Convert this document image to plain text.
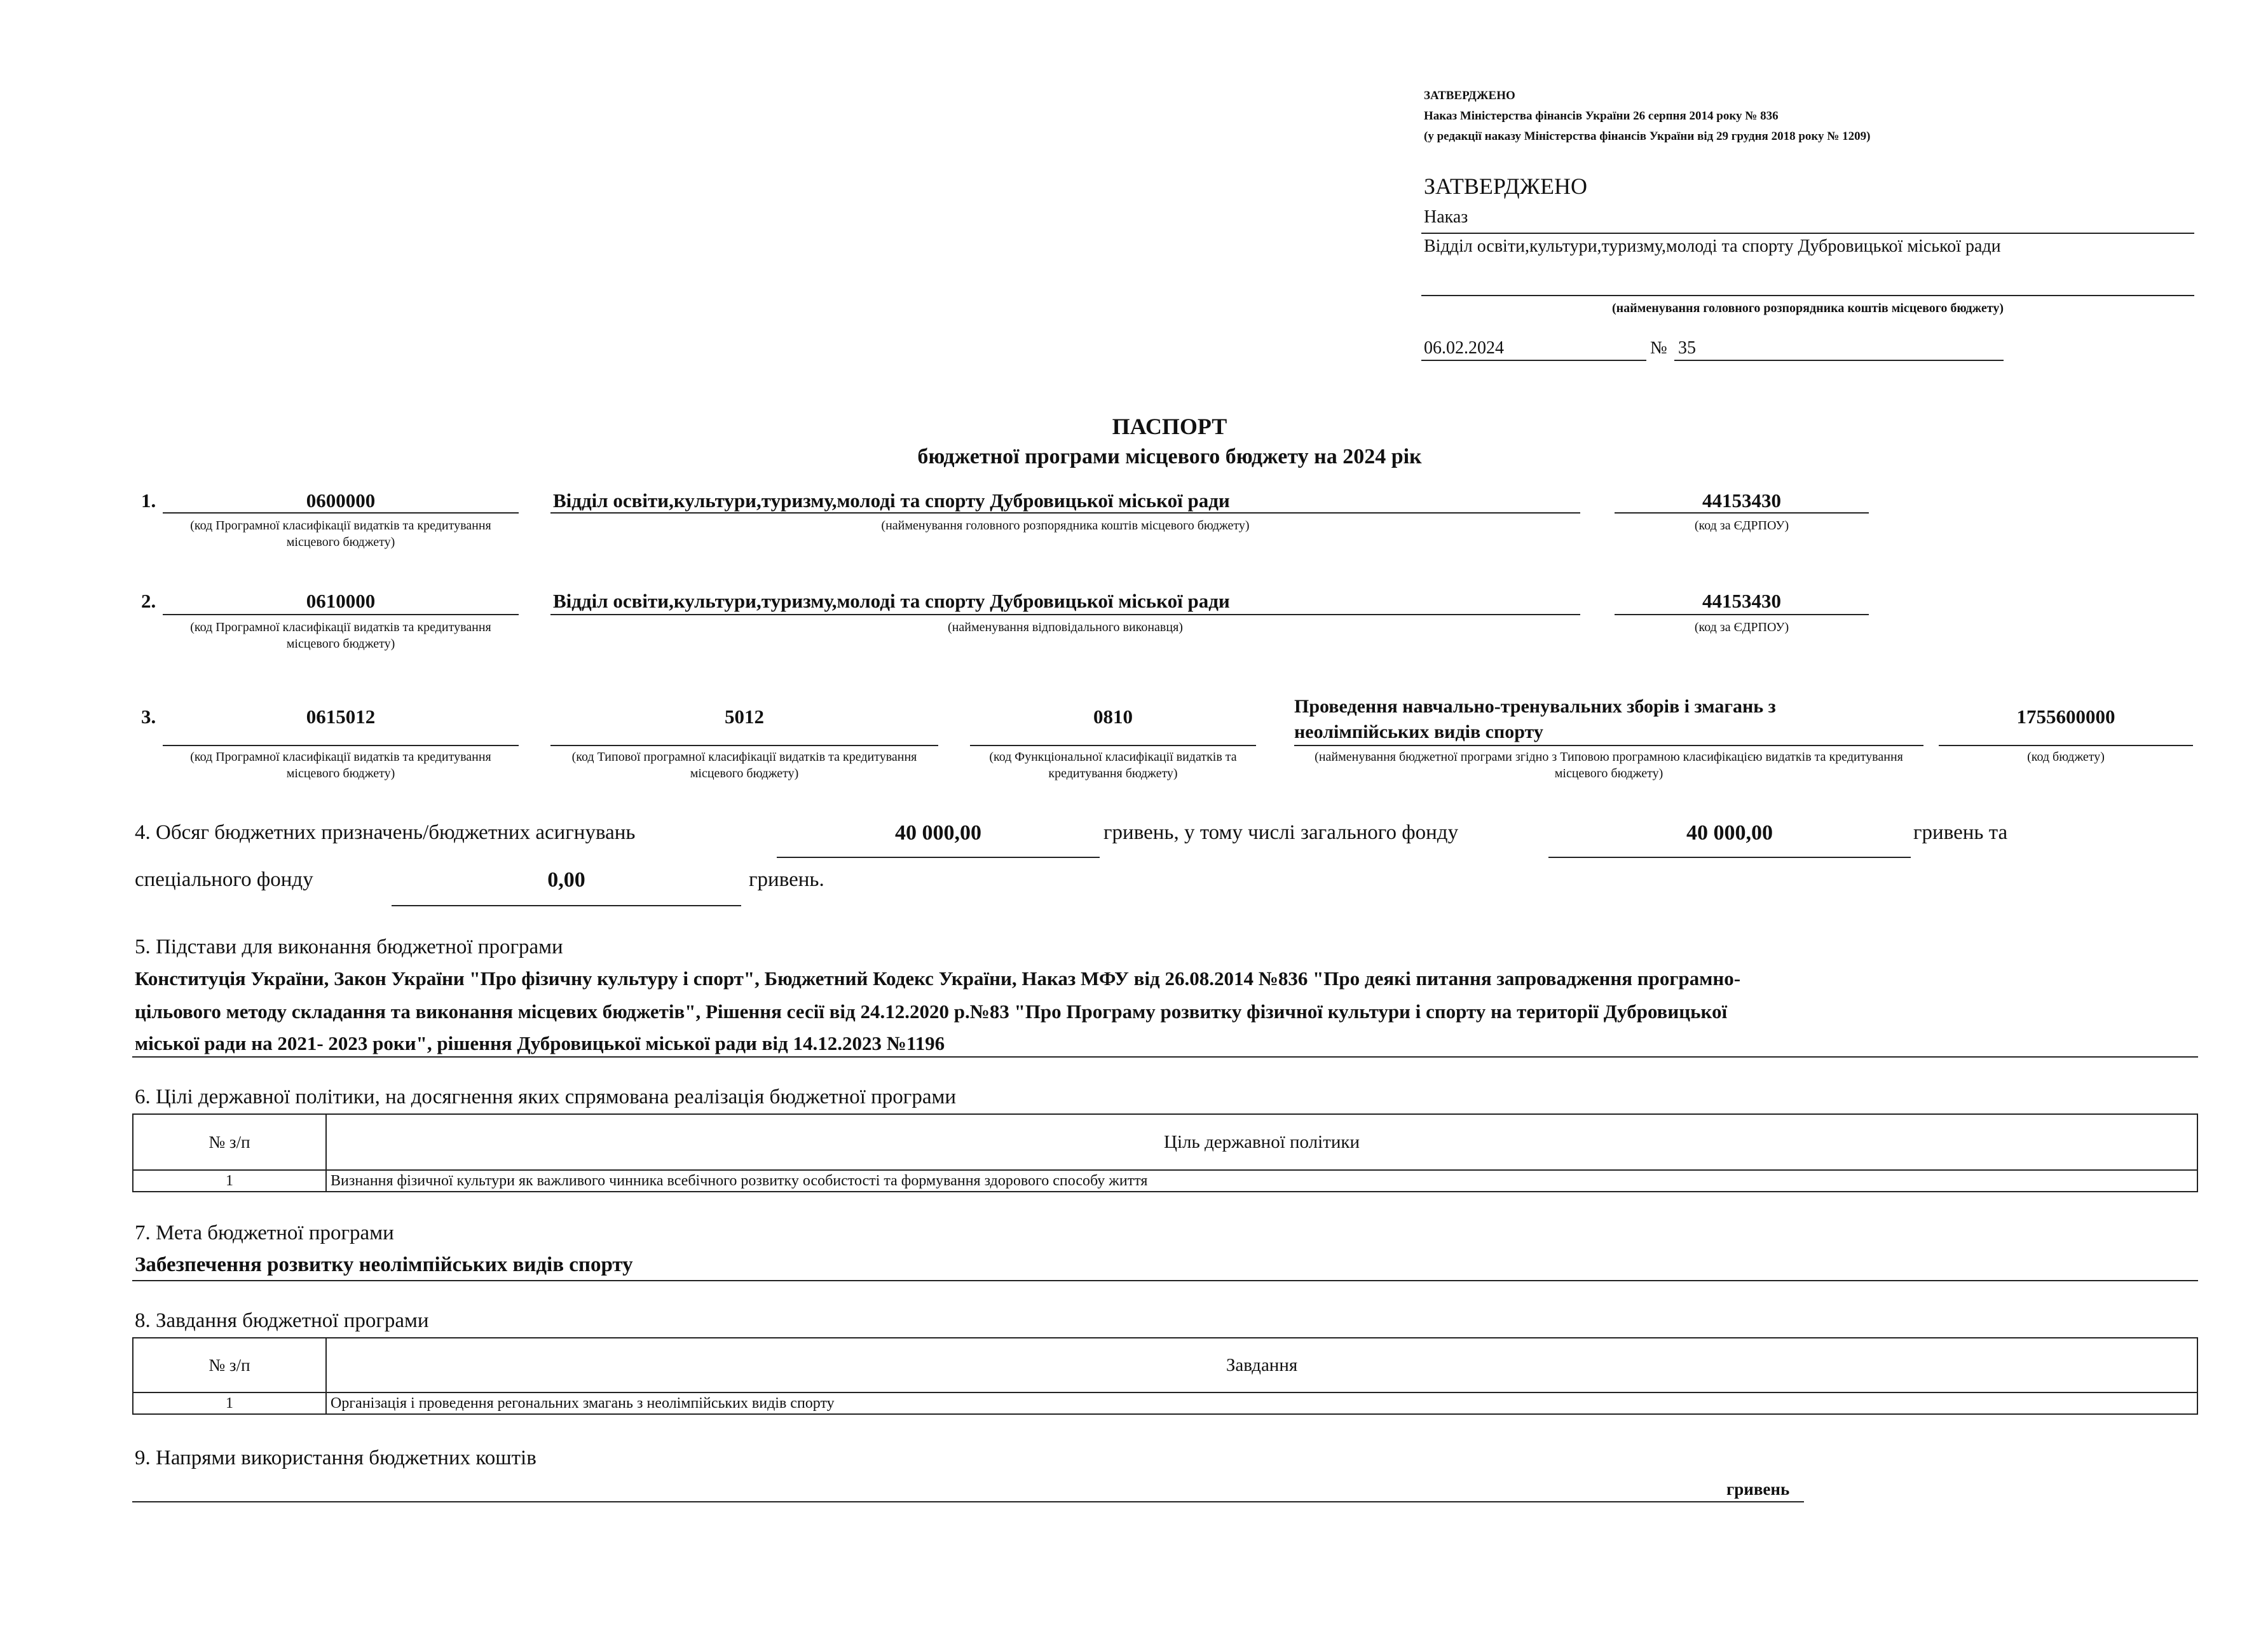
ЗАТВЕРДЖЕНО
Наказ Міністерства фінансів України 26 серпня 2014 року № 836
(у редакції наказу Міністерства фінансів України від 29 грудня 2018 року № 1209)
ЗАТВЕРДЖЕНО
Наказ
Відділ освіти,культури,туризму,молоді та спорту Дубровицької міської ради
(найменування головного розпорядника коштів місцевого бюджету)
06.02.2024	№ 35
ПАСПОРТ
бюджетної програми місцевого бюджету на 2024 рік
1.	0600000
(код Програмної класифікації видатків та кредитування місцевого бюджету)
Відділ освіти,культури,туризму,молоді та спорту Дубровицької міської ради
(найменування головного розпорядника коштів місцевого бюджету)
44153430
(код за ЄДРПОУ)
2.	0610000
(код Програмної класифікації видатків та кредитування місцевого бюджету)
Відділ освіти,культури,туризму,молоді та спорту Дубровицької міської ради
(найменування відповідального виконавця)
44153430
(код за ЄДРПОУ)
3.	0615012
(код Програмної класифікації видатків та кредитування місцевого бюджету)
5012
(код Типової програмної класифікації видатків та кредитування місцевого бюджету)
0810
(код Функціональної класифікації видатків та кредитування бюджету)
Проведення навчально-тренувальних зборів і змагань з неолімпійських видів спорту
(найменування бюджетної програми згідно з Типовою програмною класифікацією видатків та кредитування місцевого бюджету)
1755600000
(код бюджету)
4. Обсяг бюджетних призначень/бюджетних асигнувань	40 000,00	гривень, у тому числі загального фонду	40 000,00	гривень та
спеціального фонду	0,00	гривень.
5. Підстави для виконання бюджетної програми
Конституція України, Закон України "Про фізичну культуру і спорт", Бюджетний Кодекс України, Наказ МФУ від 26.08.2014 №836 "Про деякі питання запровадження програмно-
цільового методу складання та виконання місцевих бюджетів", Рішення сесії від 24.12.2020 р.№83 "Про Програму розвитку фізичної культури і спорту на території Дубровицької
міської ради на 2021- 2023 роки", рішення Дубровицької міської ради від 14.12.2023 №1196
6. Цілі державної політики, на досягнення яких спрямована реалізація бюджетної програми
№ з/п	Ціль державної політики
1	Визнання фізичної культури як важливого чинника всебічного розвитку особистості та формування здорового способу життя
7. Мета бюджетної програми
Забезпечення розвитку неолімпійських видів спорту
8. Завдання бюджетної програми
№ з/п	Завдання
1	Організація і проведення регональних змагань з неолімпійських видів спорту
9. Напрями використання бюджетних коштів
гривень
